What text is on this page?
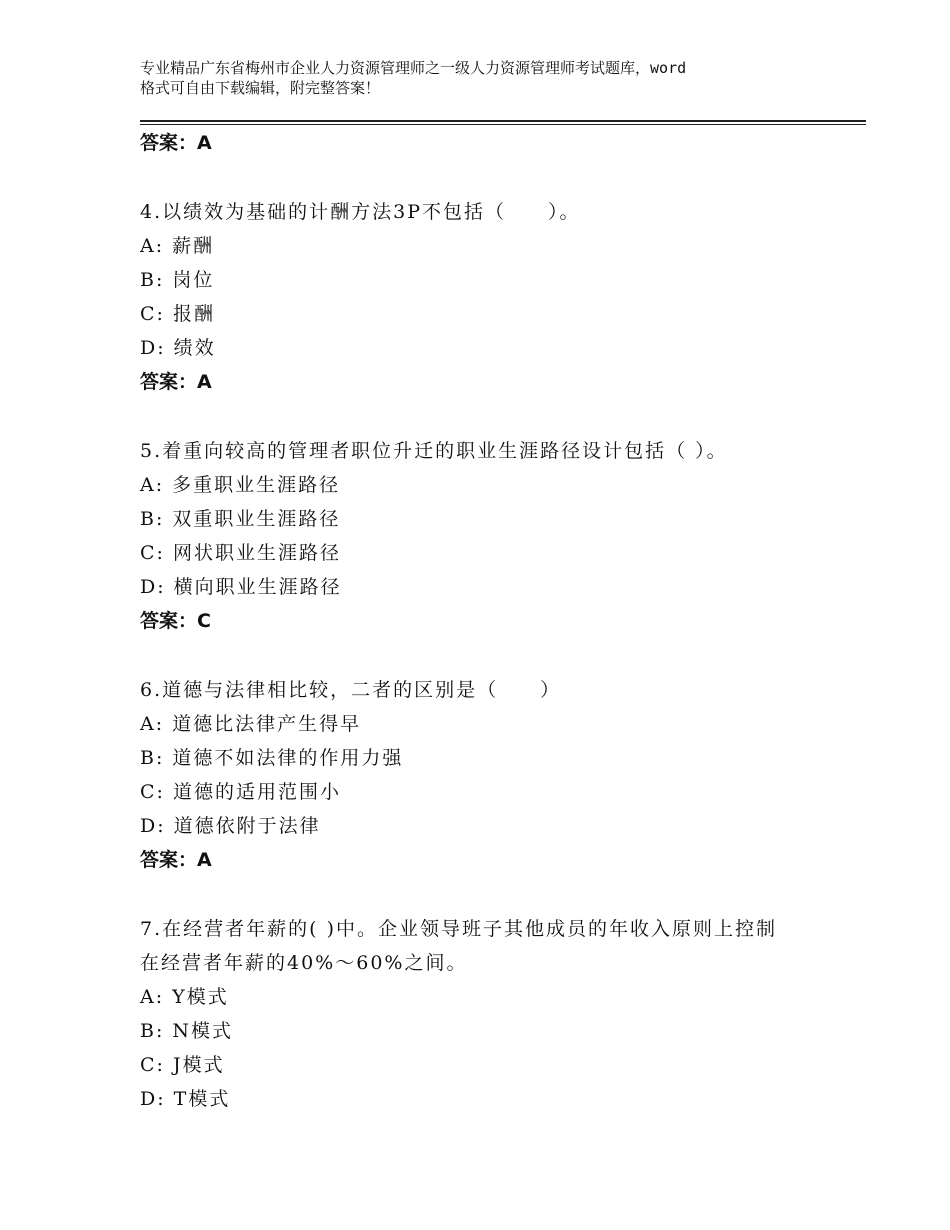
专业精品广东省梅州市企业人力资源管理师之一级人力资源管理师考试题库，word
格式可自由下载编辑，附完整答案！
答案：A
4.以绩效为基础的计酬方法3P不包括（　　）。
A: 薪酬
B: 岗位
C: 报酬
D: 绩效
答案：A
5.着重向较高的管理者职位升迁的职业生涯路径设计包括（ ）。
A: 多重职业生涯路径
B: 双重职业生涯路径
C: 网状职业生涯路径
D: 横向职业生涯路径
答案：C
6.道德与法律相比较，二者的区别是（　　）
A: 道德比法律产生得早
B: 道德不如法律的作用力强
C: 道德的适用范围小
D: 道德依附于法律
答案：A
7.在经营者年薪的( )中。企业领导班子其他成员的年收入原则上控制
在经营者年薪的40%～60%之间。
A: Y模式
B: N模式
C: J模式
D: T模式
